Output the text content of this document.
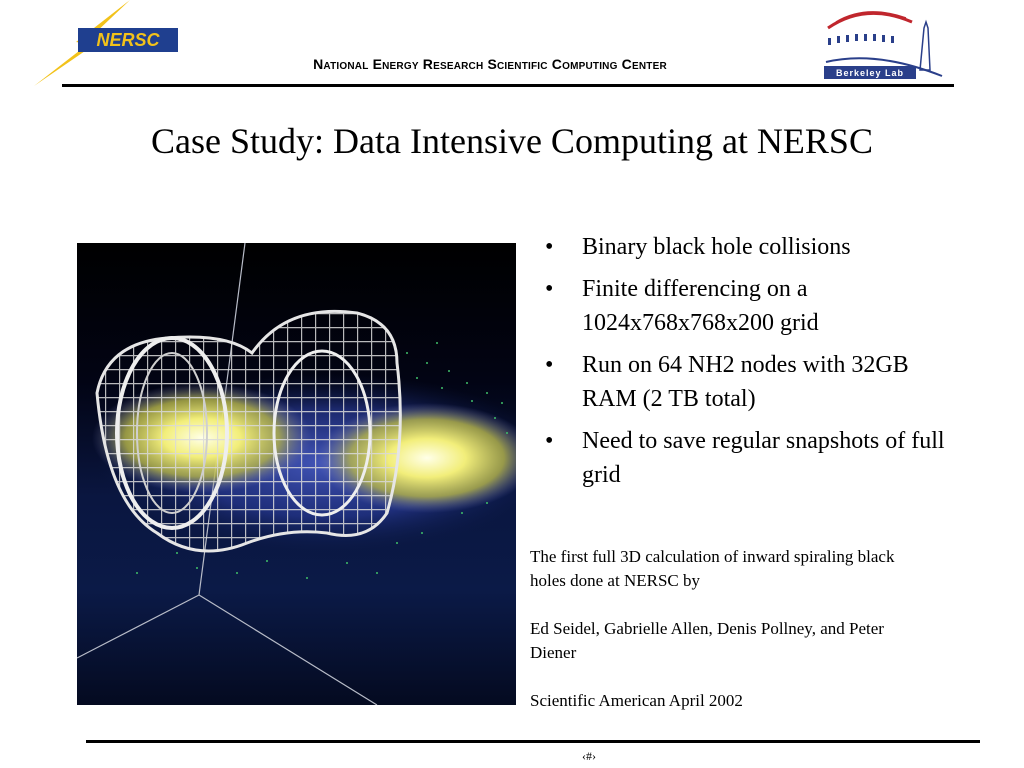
NERSC
National Energy Research Scientific Computing Center
Berkeley Lab
Case Study: Data Intensive Computing at NERSC
•	Binary black hole collisions
•	Finite differencing on a 1024x768x768x200 grid
•	Run on 64 NH2 nodes with 32GB RAM (2 TB total)
•	Need to save regular snapshots of full grid

The first full 3D calculation of inward spiraling black holes done at NERSC by

Ed Seidel, Gabrielle Allen, Denis Pollney, and Peter Diener

Scientific American April 2002

‹#›
